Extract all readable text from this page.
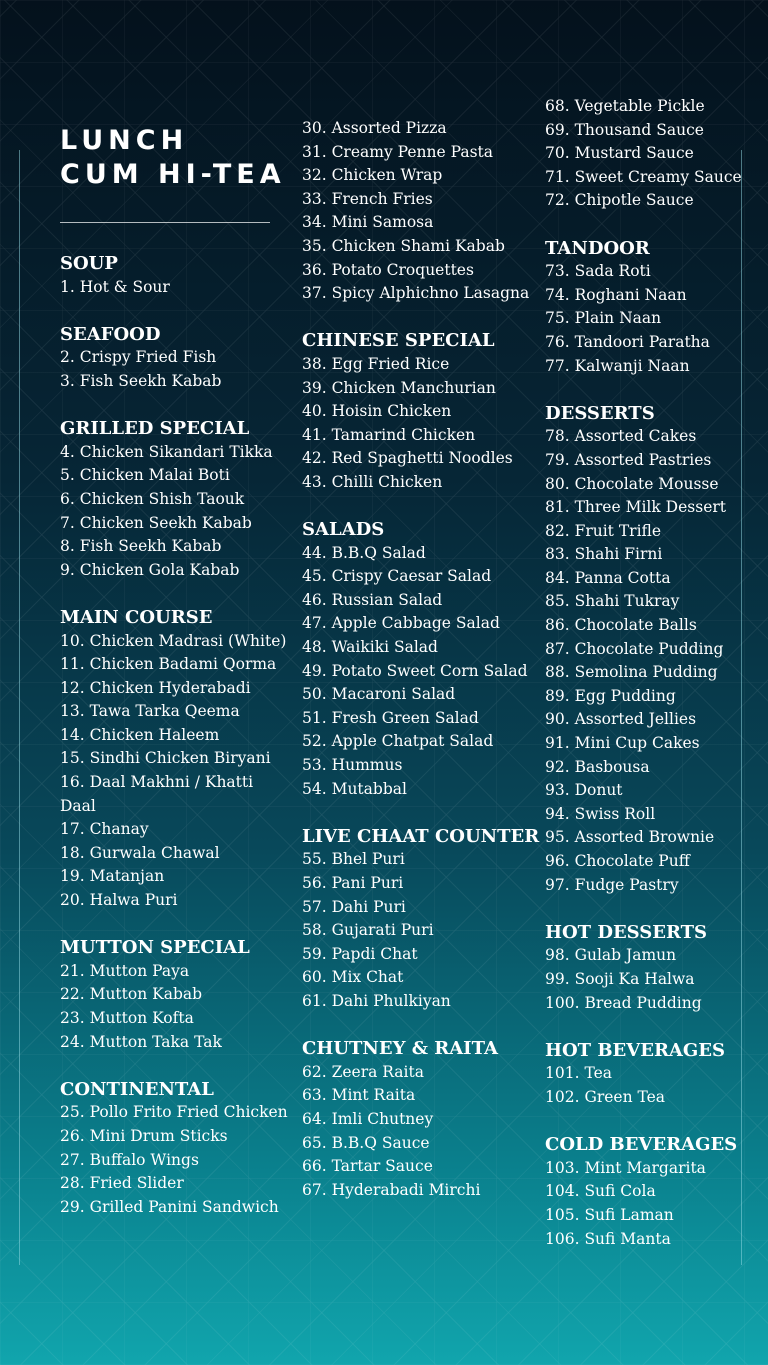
LUNCH
CUM HI-TEA
SOUP
1. Hot & Sour
SEAFOOD
2. Crispy Fried Fish
3. Fish Seekh Kabab
GRILLED SPECIAL
4. Chicken Sikandari Tikka
5. Chicken Malai Boti
6. Chicken Shish Taouk
7. Chicken Seekh Kabab
8. Fish Seekh Kabab
9. Chicken Gola Kabab
MAIN COURSE
10. Chicken Madrasi (White)
11. Chicken Badami Qorma
12. Chicken Hyderabadi
13. Tawa Tarka Qeema
14. Chicken Haleem
15. Sindhi Chicken Biryani
16. Daal Makhni / Khatti Daal
17. Chanay
18. Gurwala Chawal
19. Matanjan
20. Halwa Puri
MUTTON SPECIAL
21. Mutton Paya
22. Mutton Kabab
23. Mutton Kofta
24. Mutton Taka Tak
CONTINENTAL
25. Pollo Frito Fried Chicken
26. Mini Drum Sticks
27. Buffalo Wings
28. Fried Slider
29. Grilled Panini Sandwich
30. Assorted Pizza
31. Creamy Penne Pasta
32. Chicken Wrap
33. French Fries
34. Mini Samosa
35. Chicken Shami Kabab
36. Potato Croquettes
37. Spicy Alphichno Lasagna
CHINESE SPECIAL
38. Egg Fried Rice
39. Chicken Manchurian
40. Hoisin Chicken
41. Tamarind Chicken
42. Red Spaghetti Noodles
43. Chilli Chicken
SALADS
44. B.B.Q Salad
45. Crispy Caesar Salad
46. Russian Salad
47. Apple Cabbage Salad
48. Waikiki Salad
49. Potato Sweet Corn Salad
50. Macaroni Salad
51. Fresh Green Salad
52. Apple Chatpat Salad
53. Hummus
54. Mutabbal
LIVE CHAAT COUNTER
55. Bhel Puri
56. Pani Puri
57. Dahi Puri
58. Gujarati Puri
59. Papdi Chat
60. Mix Chat
61. Dahi Phulkiyan
CHUTNEY & RAITA
62. Zeera Raita
63. Mint Raita
64. Imli Chutney
65. B.B.Q Sauce
66. Tartar Sauce
67. Hyderabadi Mirchi
68. Vegetable Pickle
69. Thousand Sauce
70. Mustard Sauce
71. Sweet Creamy Sauce
72. Chipotle Sauce
TANDOOR
73. Sada Roti
74. Roghani Naan
75. Plain Naan
76. Tandoori Paratha
77. Kalwanji Naan
DESSERTS
78. Assorted Cakes
79. Assorted Pastries
80. Chocolate Mousse
81. Three Milk Dessert
82. Fruit Trifle
83. Shahi Firni
84. Panna Cotta
85. Shahi Tukray
86. Chocolate Balls
87. Chocolate Pudding
88. Semolina Pudding
89. Egg Pudding
90. Assorted Jellies
91. Mini Cup Cakes
92. Basbousa
93. Donut
94. Swiss Roll
95. Assorted Brownie
96. Chocolate Puff
97. Fudge Pastry
HOT DESSERTS
98. Gulab Jamun
99. Sooji Ka Halwa
100. Bread Pudding
HOT BEVERAGES
101. Tea
102. Green Tea
COLD BEVERAGES
103. Mint Margarita
104. Sufi Cola
105. Sufi Laman
106. Sufi Manta
